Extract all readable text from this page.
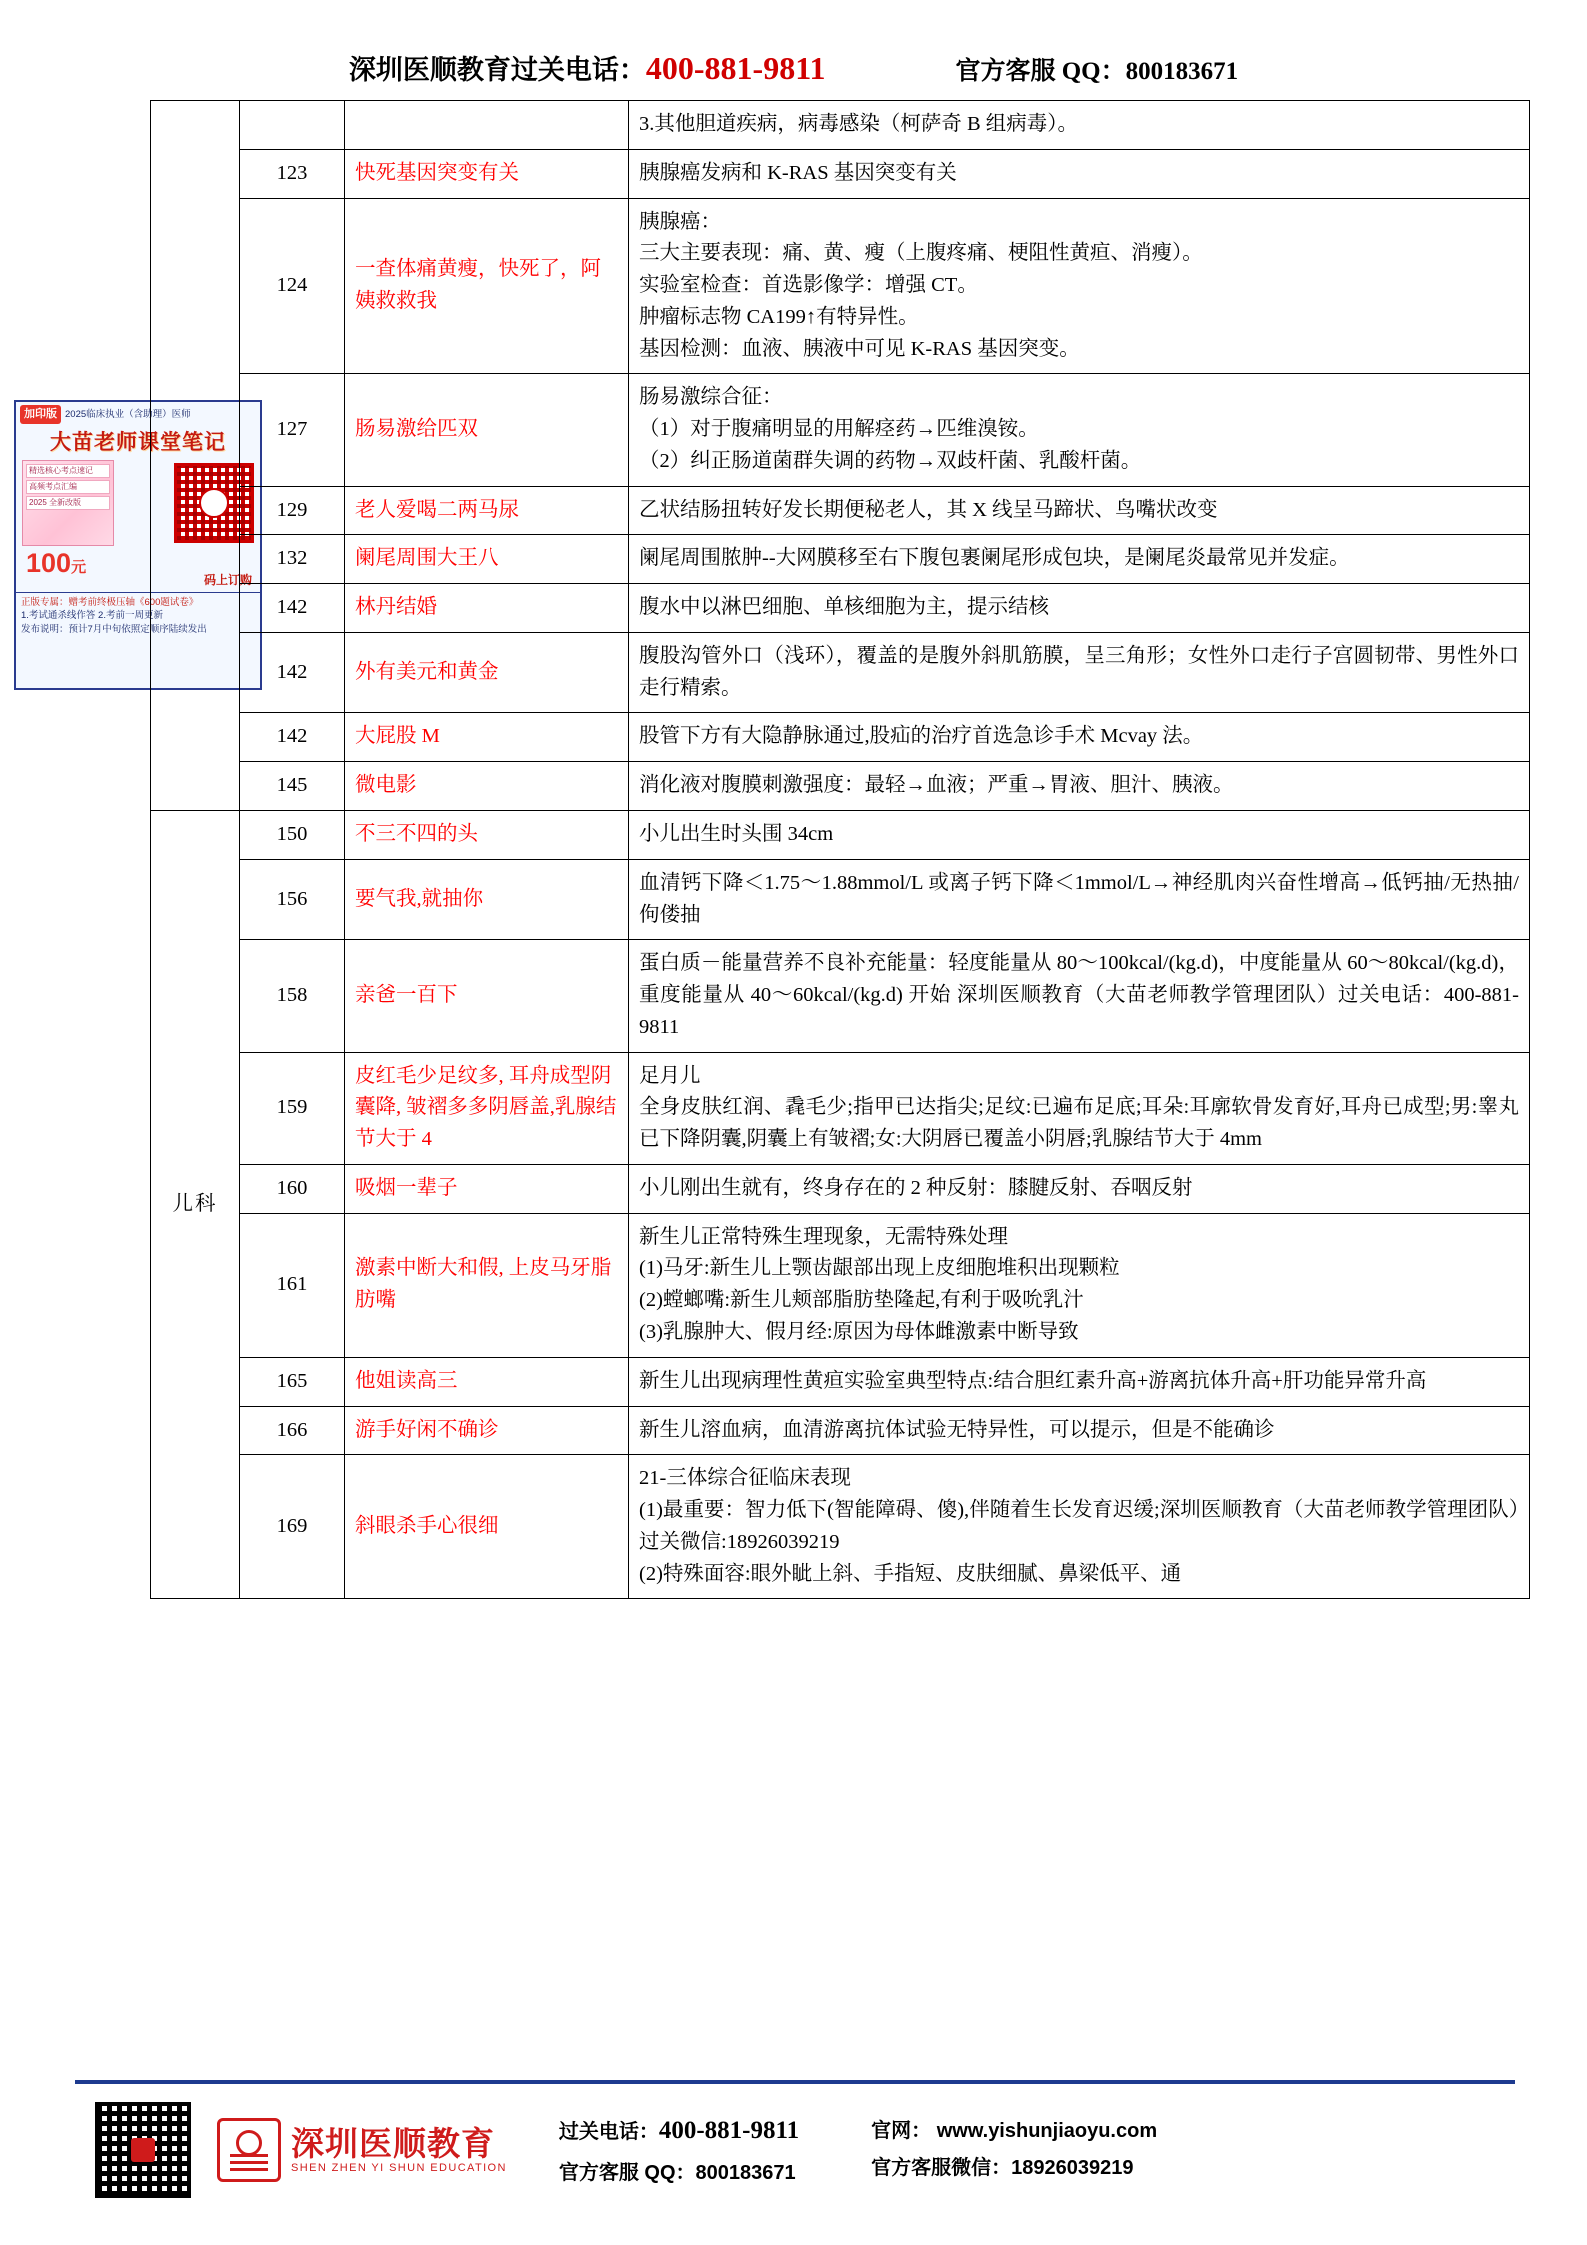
深圳医顺教育过关电话：400-881-9811	官方客服 QQ：800183671
加印版 2025临床执业（含助理）医师
大苗老师课堂笔记
精选核心考点速记
高频考点汇编
2025 全新改版
100元
码上订购
正版专属：赠考前终极压轴《600题试卷》
1.考试通杀线作答 2.考前一周更新
发布说明：预计7月中旬依照定顺序陆续发出

			3.其他胆道疾病，病毒感染（柯萨奇 B 组病毒）。

	123	快死基因突变有关	胰腺癌发病和 K-RAS 基因突变有关

	124	一查体痛黄瘦，快死了，阿姨救救我	胰腺癌：
三大主要表现：痛、黄、瘦（上腹疼痛、梗阻性黄疸、消瘦）。
实验室检查：首选影像学：增强 CT。
肿瘤标志物 CA199↑有特异性。
基因检测：血液、胰液中可见 K-RAS 基因突变。

	127	肠易激给匹双	肠易激综合征：
（1）对于腹痛明显的用解痉药→匹维溴铵。
（2）纠正肠道菌群失调的药物→双歧杆菌、乳酸杆菌。

	129	老人爱喝二两马尿	乙状结肠扭转好发长期便秘老人，其 X 线呈马蹄状、鸟嘴状改变

	132	阑尾周围大王八	阑尾周围脓肿--大网膜移至右下腹包裹阑尾形成包块，是阑尾炎最常见并发症。

	142	林丹结婚	腹水中以淋巴细胞、单核细胞为主，提示结核

	142	外有美元和黄金	腹股沟管外口（浅环），覆盖的是腹外斜肌筋膜，呈三角形；女性外口走行子宫圆韧带、男性外口走行精索。

	142	大屁股 M	股管下方有大隐静脉通过,股疝的治疗首选急诊手术 Mcvay 法。

	145	微电影	消化液对腹膜刺激强度：最轻→血液；严重→胃液、胆汁、胰液。

儿科	150	不三不四的头	小儿出生时头围 34cm

	156	要气我,就抽你	血清钙下降＜1.75～1.88mmol/L 或离子钙下降＜1mmol/L→神经肌肉兴奋性增高→低钙抽/无热抽/佝偻抽

	158	亲爸一百下	蛋白质－能量营养不良补充能量：轻度能量从 80～100kcal/(kg.d)，中度能量从 60～80kcal/(kg.d)，重度能量从 40～60kcal/(kg.d) 开始 深圳医顺教育（大苗老师教学管理团队）过关电话：400-881-9811

	159	皮红毛少足纹多, 耳舟成型阴囊降, 皱褶多多阴唇盖,乳腺结节大于 4	足月儿
全身皮肤红润、毳毛少;指甲已达指尖;足纹:已遍布足底;耳朵:耳廓软骨发育好,耳舟已成型;男:睾丸已下降阴囊,阴囊上有皱褶;女:大阴唇已覆盖小阴唇;乳腺结节大于 4mm

	160	吸烟一辈子	小儿刚出生就有，终身存在的 2 种反射：膝腱反射、吞咽反射

	161	激素中断大和假, 上皮马牙脂肪嘴	新生儿正常特殊生理现象，无需特殊处理
(1)马牙:新生儿上颚齿龈部出现上皮细胞堆积出现颗粒
(2)螳螂嘴:新生儿颊部脂肪垫隆起,有利于吸吮乳汁
(3)乳腺肿大、假月经:原因为母体雌激素中断导致

	165	他姐读高三	新生儿出现病理性黄疸实验室典型特点:结合胆红素升高+游离抗体升高+肝功能异常升高

	166	游手好闲不确诊	新生儿溶血病，血清游离抗体试验无特异性，可以提示，但是不能确诊

	169	斜眼杀手心很细	21-三体综合征临床表现
(1)最重要：智力低下(智能障碍、傻),伴随着生长发育迟缓;深圳医顺教育（大苗老师教学管理团队）过关微信:18926039219
(2)特殊面容:眼外眦上斜、手指短、皮肤细腻、鼻梁低平、通
深圳医顺教育
SHEN ZHEN YI SHUN EDUCATION
过关电话：400-881-9811
官方客服 QQ：800183671
官网： www.yishunjiaoyu.com
官方客服微信：18926039219
